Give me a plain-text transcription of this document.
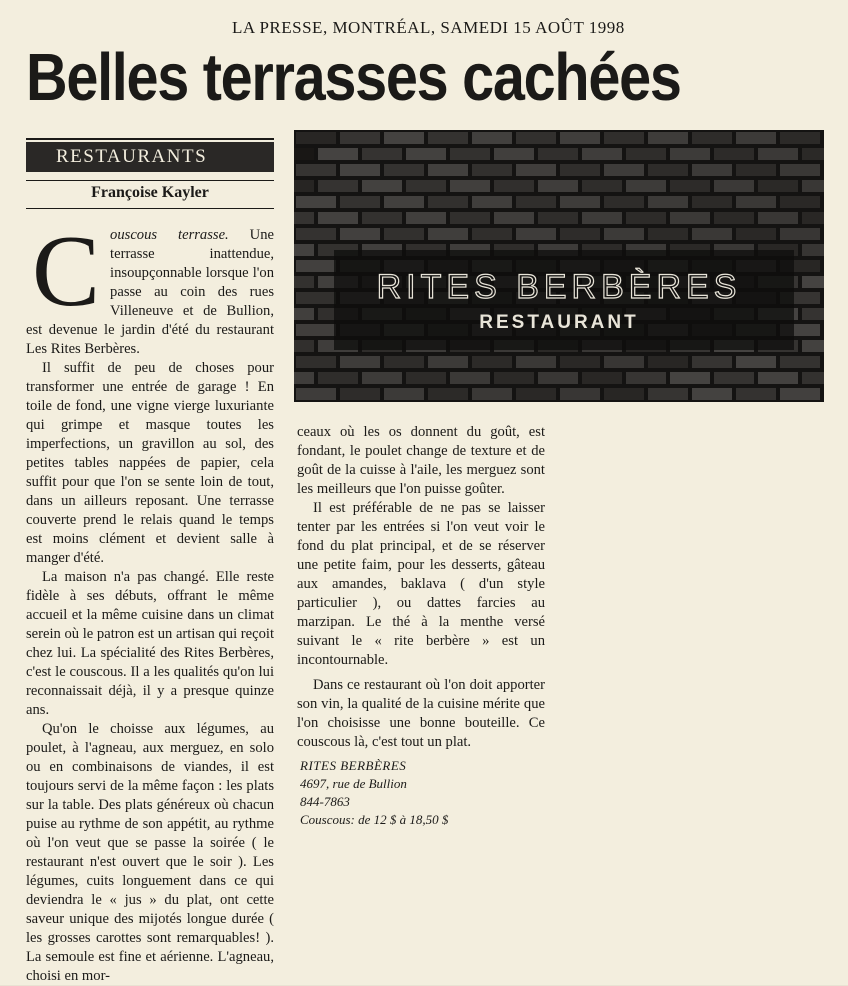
LA PRESSE, MONTRÉAL, SAMEDI 15 AOÛT 1998
Belles terrasses cachées
RESTAURANTS
Françoise Kayler
RITES BERBÈRES
RESTAURANT

Couscous terrasse. Une terrasse inattendue, insoupçonnable lorsque l'on passe au coin des rues Villeneuve et de Bullion, est devenue le jardin d'été du restaurant Les Rites Berbères.

Il suffit de peu de choses pour transformer une entrée de garage ! En toile de fond, une vigne vierge luxuriante qui grimpe et masque toutes les imperfections, un gravillon au sol, des petites tables nappées de papier, cela suffit pour que l'on se sente loin de tout, dans un ailleurs reposant. Une terrasse couverte prend le relais quand le temps est moins clément et devient salle à manger d'été.

La maison n'a pas changé. Elle reste fidèle à ses débuts, offrant le même accueil et la même cuisine dans un climat serein où le patron est un artisan qui reçoit chez lui. La spécialité des Rites Berbères, c'est le couscous. Il a les qualités qu'on lui reconnaissait déjà, il y a presque quinze ans.

Qu'on le choisse aux légumes, au poulet, à l'agneau, aux merguez, en solo ou en combinaisons de viandes, il est toujours servi de la même façon : les plats sur la table. Des plats généreux où chacun puise au rythme de son appétit, au rythme où l'on veut que se passe la soirée ( le restaurant n'est ouvert que le soir ). Les légumes, cuits longuement dans ce qui deviendra le « jus » du plat, ont cette saveur unique des mijotés longue durée ( les grosses carottes sont remarquables! ). La semoule est fine et aérienne. L'agneau, choisi en mor-

ceaux où les os donnent du goût, est fondant, le poulet change de texture et de goût de la cuisse à l'aile, les merguez sont les meilleurs que l'on puisse goûter.

Il est préférable de ne pas se laisser tenter par les entrées si l'on veut voir le fond du plat principal, et de se réserver une petite faim, pour les desserts, gâteau aux amandes, baklava ( d'un style particulier ), ou dattes farcies au marzipan. Le thé à la menthe versé suivant le « rite berbère » est un incontournable.

Dans ce restaurant où l'on doit apporter son vin, la qualité de la cuisine mérite que l'on choisisse une bonne bouteille. Ce couscous là, c'est tout un plat.

RITES BERBÈRES
4697, rue de Bullion
844-7863
Couscous: de 12 $ à 18,50 $
